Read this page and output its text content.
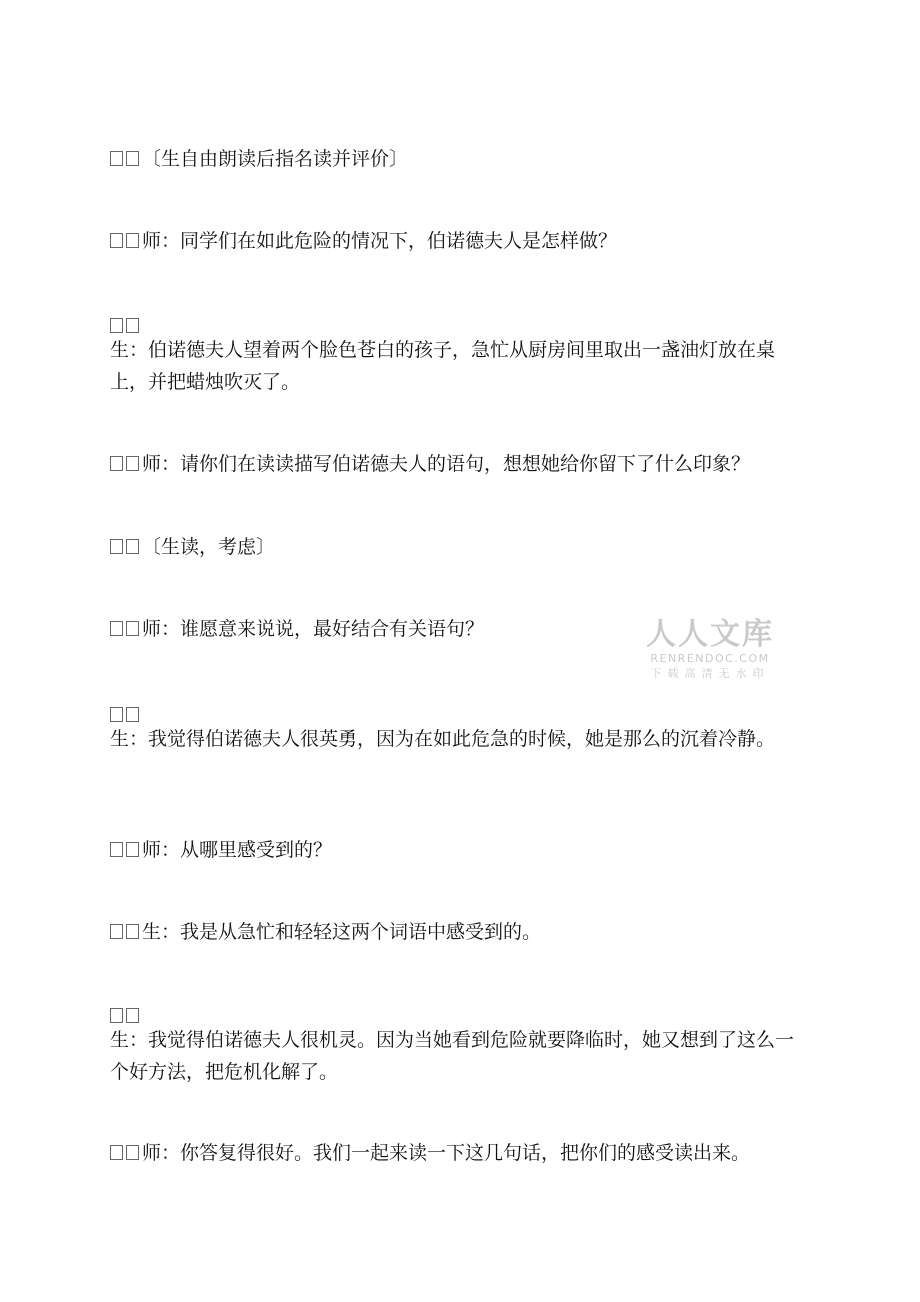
〔生自由朗读后指名读并评价〕

师：同学们在如此危险的情况下，伯诺德夫人是怎样做？

生：伯诺德夫人望着两个脸色苍白的孩子，急忙从厨房间里取出一盏油灯放在桌上，并把蜡烛吹灭了。

师：请你们在读读描写伯诺德夫人的语句，想想她给你留下了什么印象？

〔生读，考虑〕

师：谁愿意来说说，最好结合有关语句？

生：我觉得伯诺德夫人很英勇，因为在如此危急的时候，她是那么的沉着冷静。

师：从哪里感受到的？

生：我是从急忙和轻轻这两个词语中感受到的。

生：我觉得伯诺德夫人很机灵。因为当她看到危险就要降临时，她又想到了这么一个好方法，把危机化解了。

师：你答复得很好。我们一起来读一下这几句话，把你们的感受读出来。

人人文库
RENRENDOC.COM
下载高清无水印
